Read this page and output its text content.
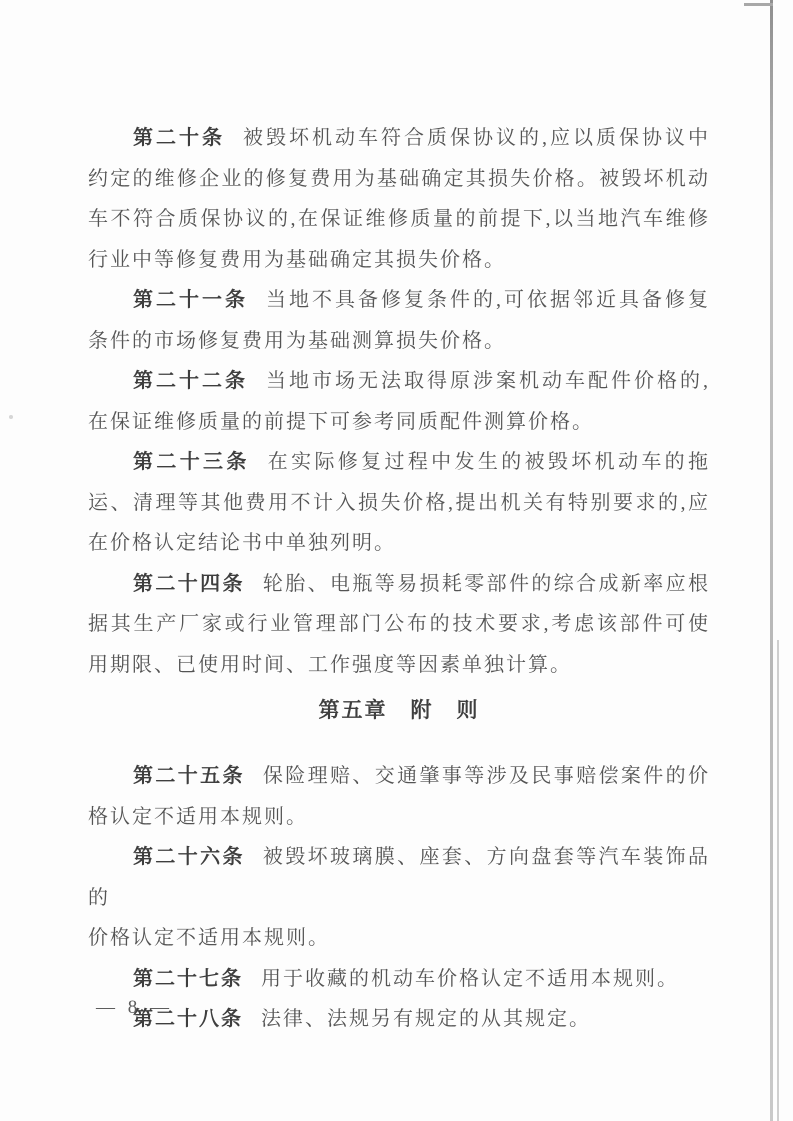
第二十条 被毁坏机动车符合质保协议的,应以质保协议中
约定的维修企业的修复费用为基础确定其损失价格。被毁坏机动
车不符合质保协议的,在保证维修质量的前提下,以当地汽车维修
行业中等修复费用为基础确定其损失价格。
第二十一条 当地不具备修复条件的,可依据邻近具备修复
条件的市场修复费用为基础测算损失价格。
第二十二条 当地市场无法取得原涉案机动车配件价格的,
在保证维修质量的前提下可参考同质配件测算价格。
第二十三条 在实际修复过程中发生的被毁坏机动车的拖
运、清理等其他费用不计入损失价格,提出机关有特别要求的,应
在价格认定结论书中单独列明。
第二十四条 轮胎、电瓶等易损耗零部件的综合成新率应根
据其生产厂家或行业管理部门公布的技术要求,考虑该部件可使
用期限、已使用时间、工作强度等因素单独计算。
第五章　附　则
第二十五条 保险理赔、交通肇事等涉及民事赔偿案件的价
格认定不适用本规则。
第二十六条 被毁坏玻璃膜、座套、方向盘套等汽车装饰品的
价格认定不适用本规则。
第二十七条 用于收藏的机动车价格认定不适用本规则。
第二十八条 法律、法规另有规定的从其规定。
— 8 —
